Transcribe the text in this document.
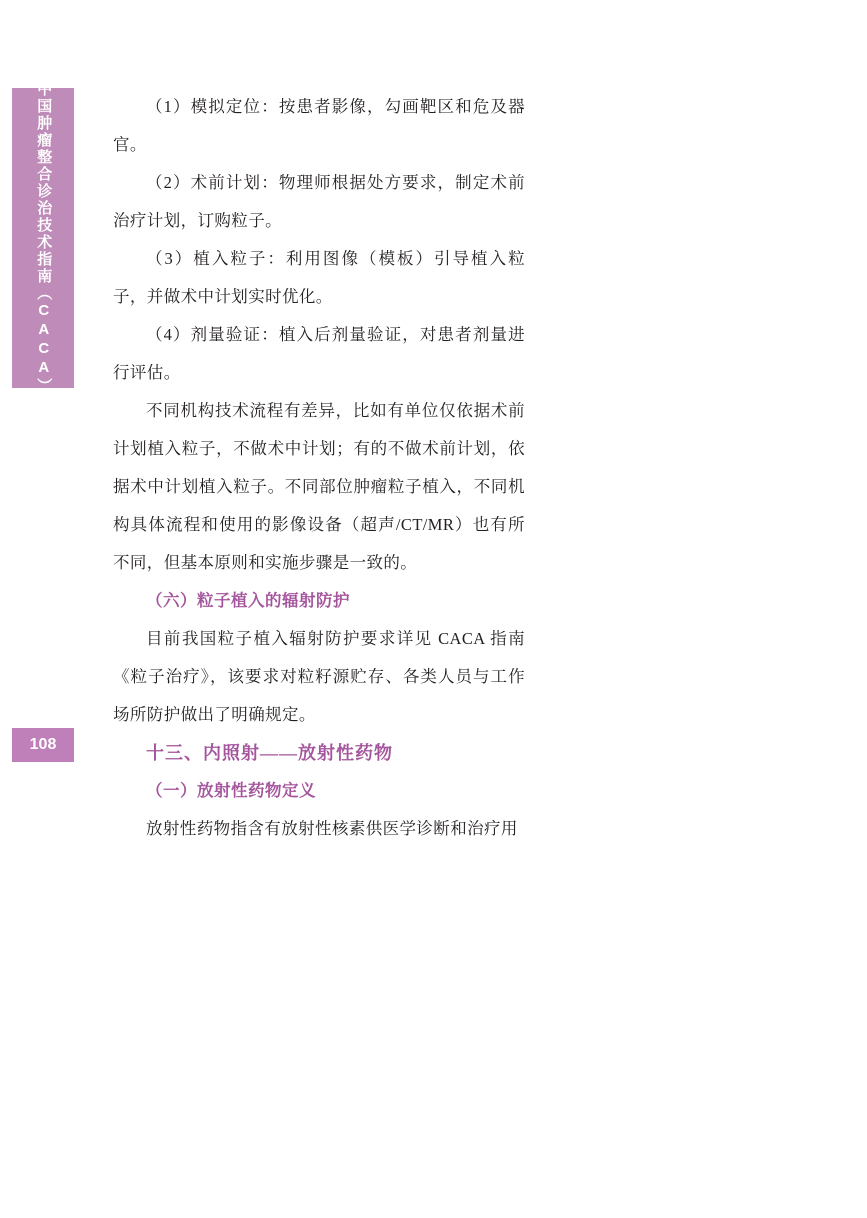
中国肿瘤整合诊治技术指南（CACA）
108

（1）模拟定位：按患者影像，勾画靶区和危及器官。

（2）术前计划：物理师根据处方要求，制定术前治疗计划，订购粒子。

（3）植入粒子：利用图像（模板）引导植入粒子，并做术中计划实时优化。

（4）剂量验证：植入后剂量验证，对患者剂量进行评估。

不同机构技术流程有差异，比如有单位仅依据术前计划植入粒子，不做术中计划；有的不做术前计划，依据术中计划植入粒子。不同部位肿瘤粒子植入，不同机构具体流程和使用的影像设备（超声/CT/MR）也有所不同，但基本原则和实施步骤是一致的。

（六）粒子植入的辐射防护

目前我国粒子植入辐射防护要求详见 CACA 指南《粒子治疗》，该要求对粒籽源贮存、各类人员与工作场所防护做出了明确规定。

十三、内照射——放射性药物

（一）放射性药物定义

放射性药物指含有放射性核素供医学诊断和治疗用
